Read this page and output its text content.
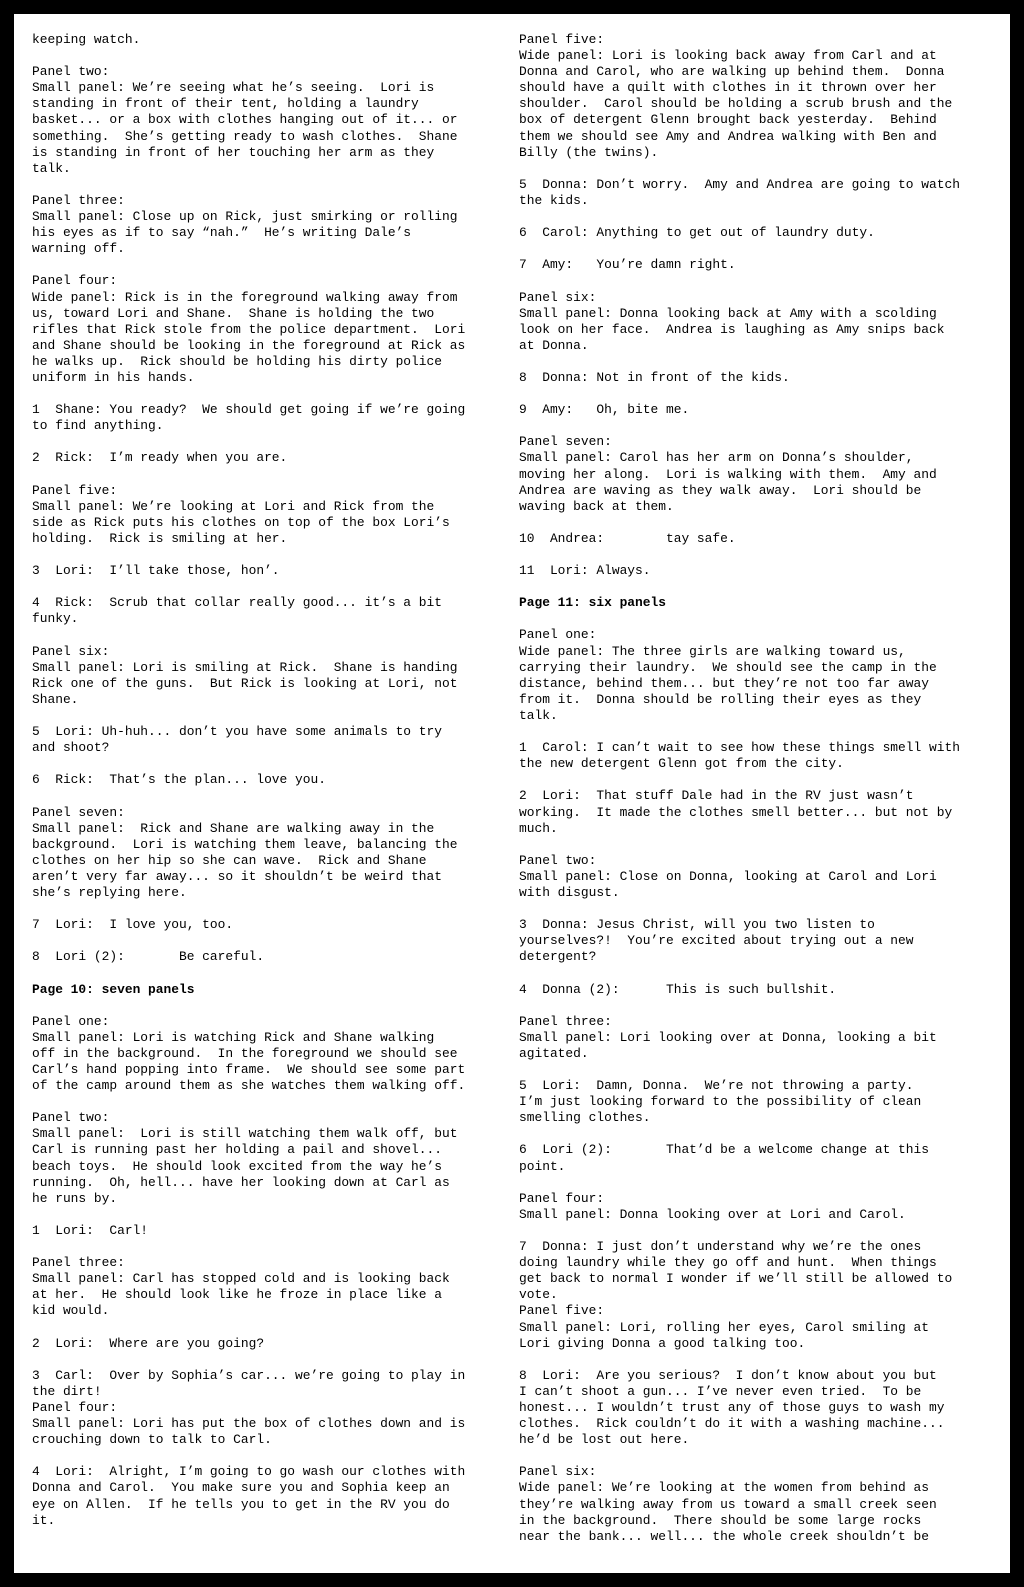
keeping watch.

Panel two:
Small panel: We’re seeing what he’s seeing.  Lori is
standing in front of their tent, holding a laundry
basket... or a box with clothes hanging out of it... or
something.  She’s getting ready to wash clothes.  Shane
is standing in front of her touching her arm as they
talk.

Panel three:
Small panel: Close up on Rick, just smirking or rolling
his eyes as if to say “nah.”  He’s writing Dale’s
warning off.

Panel four:
Wide panel: Rick is in the foreground walking away from
us, toward Lori and Shane.  Shane is holding the two
rifles that Rick stole from the police department.  Lori
and Shane should be looking in the foreground at Rick as
he walks up.  Rick should be holding his dirty police
uniform in his hands.

1  Shane: You ready?  We should get going if we’re going
to find anything.

2  Rick:  I’m ready when you are.

Panel five:
Small panel: We’re looking at Lori and Rick from the
side as Rick puts his clothes on top of the box Lori’s
holding.  Rick is smiling at her.

3  Lori:  I’ll take those, hon’.

4  Rick:  Scrub that collar really good... it’s a bit
funky.

Panel six:
Small panel: Lori is smiling at Rick.  Shane is handing
Rick one of the guns.  But Rick is looking at Lori, not
Shane.

5  Lori: Uh-huh... don’t you have some animals to try
and shoot?

6  Rick:  That’s the plan... love you.

Panel seven:
Small panel:  Rick and Shane are walking away in the
background.  Lori is watching them leave, balancing the
clothes on her hip so she can wave.  Rick and Shane
aren’t very far away... so it shouldn’t be weird that
she’s replying here.

7  Lori:  I love you, too.

8  Lori (2):       Be careful.

Page 10: seven panels

Panel one:
Small panel: Lori is watching Rick and Shane walking
off in the background.  In the foreground we should see
Carl’s hand popping into frame.  We should see some part
of the camp around them as she watches them walking off.

Panel two:
Small panel:  Lori is still watching them walk off, but
Carl is running past her holding a pail and shovel...
beach toys.  He should look excited from the way he’s
running.  Oh, hell... have her looking down at Carl as
he runs by.

1  Lori:  Carl!

Panel three:
Small panel: Carl has stopped cold and is looking back
at her.  He should look like he froze in place like a
kid would.

2  Lori:  Where are you going?

3  Carl:  Over by Sophia’s car... we’re going to play in
the dirt!
Panel four:
Small panel: Lori has put the box of clothes down and is
crouching down to talk to Carl.

4  Lori:  Alright, I’m going to go wash our clothes with
Donna and Carol.  You make sure you and Sophia keep an
eye on Allen.  If he tells you to get in the RV you do
it.

Panel five:
Wide panel: Lori is looking back away from Carl and at
Donna and Carol, who are walking up behind them.  Donna
should have a quilt with clothes in it thrown over her
shoulder.  Carol should be holding a scrub brush and the
box of detergent Glenn brought back yesterday.  Behind
them we should see Amy and Andrea walking with Ben and
Billy (the twins).

5  Donna: Don’t worry.  Amy and Andrea are going to watch
the kids.

6  Carol: Anything to get out of laundry duty.

7  Amy:   You’re damn right.

Panel six:
Small panel: Donna looking back at Amy with a scolding
look on her face.  Andrea is laughing as Amy snips back
at Donna.

8  Donna: Not in front of the kids.

9  Amy:   Oh, bite me.

Panel seven:
Small panel: Carol has her arm on Donna’s shoulder,
moving her along.  Lori is walking with them.  Amy and
Andrea are waving as they walk away.  Lori should be
waving back at them.

10  Andrea:        tay safe.

11  Lori: Always.

Page 11: six panels

Panel one:
Wide panel: The three girls are walking toward us,
carrying their laundry.  We should see the camp in the
distance, behind them... but they’re not too far away
from it.  Donna should be rolling their eyes as they
talk.

1  Carol: I can’t wait to see how these things smell with
the new detergent Glenn got from the city.

2  Lori:  That stuff Dale had in the RV just wasn’t
working.  It made the clothes smell better... but not by
much.

Panel two:
Small panel: Close on Donna, looking at Carol and Lori
with disgust.

3  Donna: Jesus Christ, will you two listen to
yourselves?!  You’re excited about trying out a new
detergent?

4  Donna (2):      This is such bullshit.

Panel three:
Small panel: Lori looking over at Donna, looking a bit
agitated.

5  Lori:  Damn, Donna.  We’re not throwing a party.
I’m just looking forward to the possibility of clean
smelling clothes.

6  Lori (2):       That’d be a welcome change at this
point.

Panel four:
Small panel: Donna looking over at Lori and Carol.

7  Donna: I just don’t understand why we’re the ones
doing laundry while they go off and hunt.  When things
get back to normal I wonder if we’ll still be allowed to
vote.
Panel five:
Small panel: Lori, rolling her eyes, Carol smiling at
Lori giving Donna a good talking too.

8  Lori:  Are you serious?  I don’t know about you but
I can’t shoot a gun... I’ve never even tried.  To be
honest... I wouldn’t trust any of those guys to wash my
clothes.  Rick couldn’t do it with a washing machine...
he’d be lost out here.

Panel six:
Wide panel: We’re looking at the women from behind as
they’re walking away from us toward a small creek seen
in the background.  There should be some large rocks
near the bank... well... the whole creek shouldn’t be
